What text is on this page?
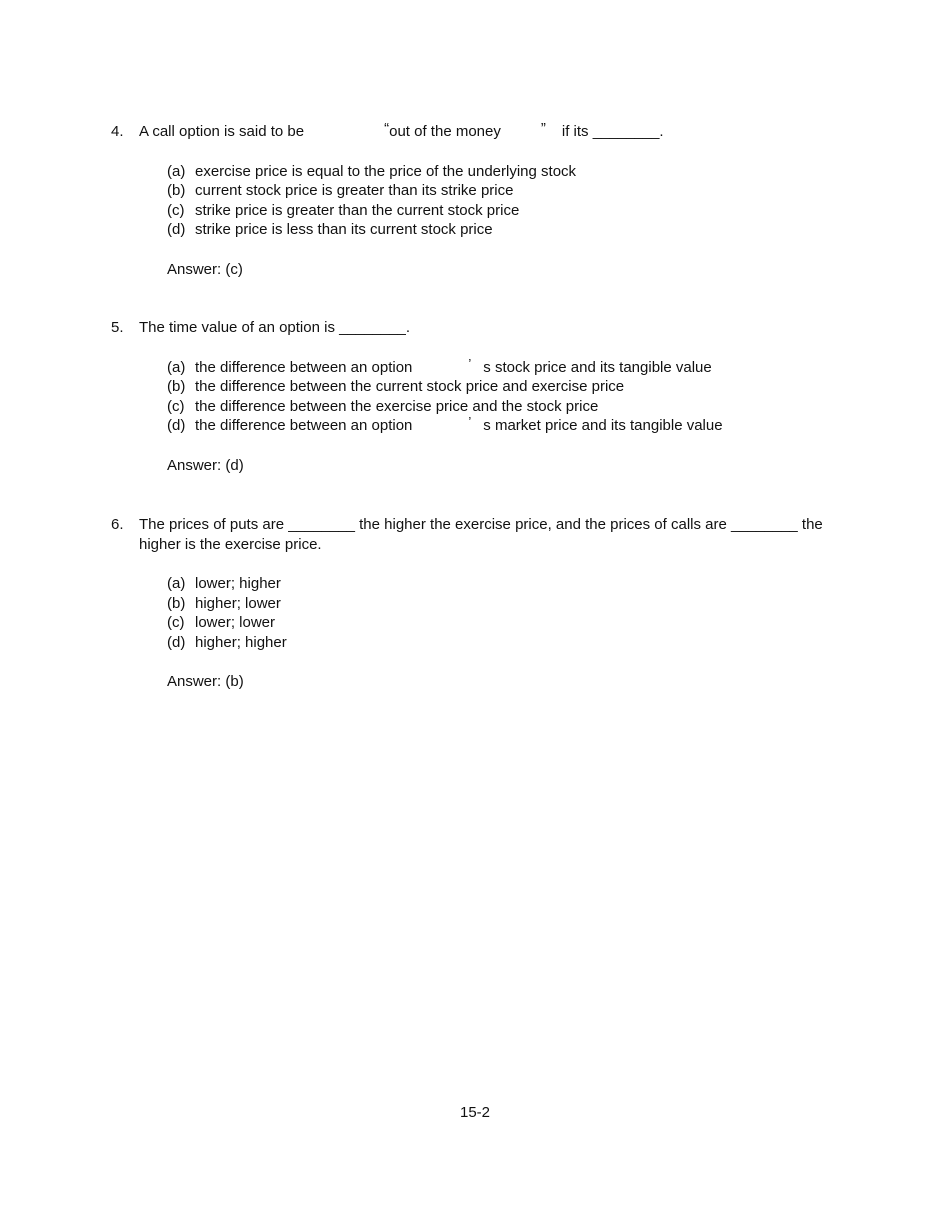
4. A call option is said to be	“out of the money	” if its ________.
(a) exercise price is equal to the price of the underlying stock
(b) current stock price is greater than its strike price
(c) strike price is greater than the current stock price
(d) strike price is less than its current stock price
Answer: (c)
5. The time value of an option is ________.
(a) the difference between an option	’ s stock price and its tangible value
(b) the difference between the current stock price and exercise price
(c) the difference between the exercise price and the stock price
(d) the difference between an option	’ s market price and its tangible value
Answer: (d)
6. The prices of puts are ________ the higher the exercise price, and the prices of calls are ________ the
higher is the exercise price.
(a) lower; higher
(b) higher; lower
(c) lower; lower
(d) higher; higher
Answer: (b)
15-2
